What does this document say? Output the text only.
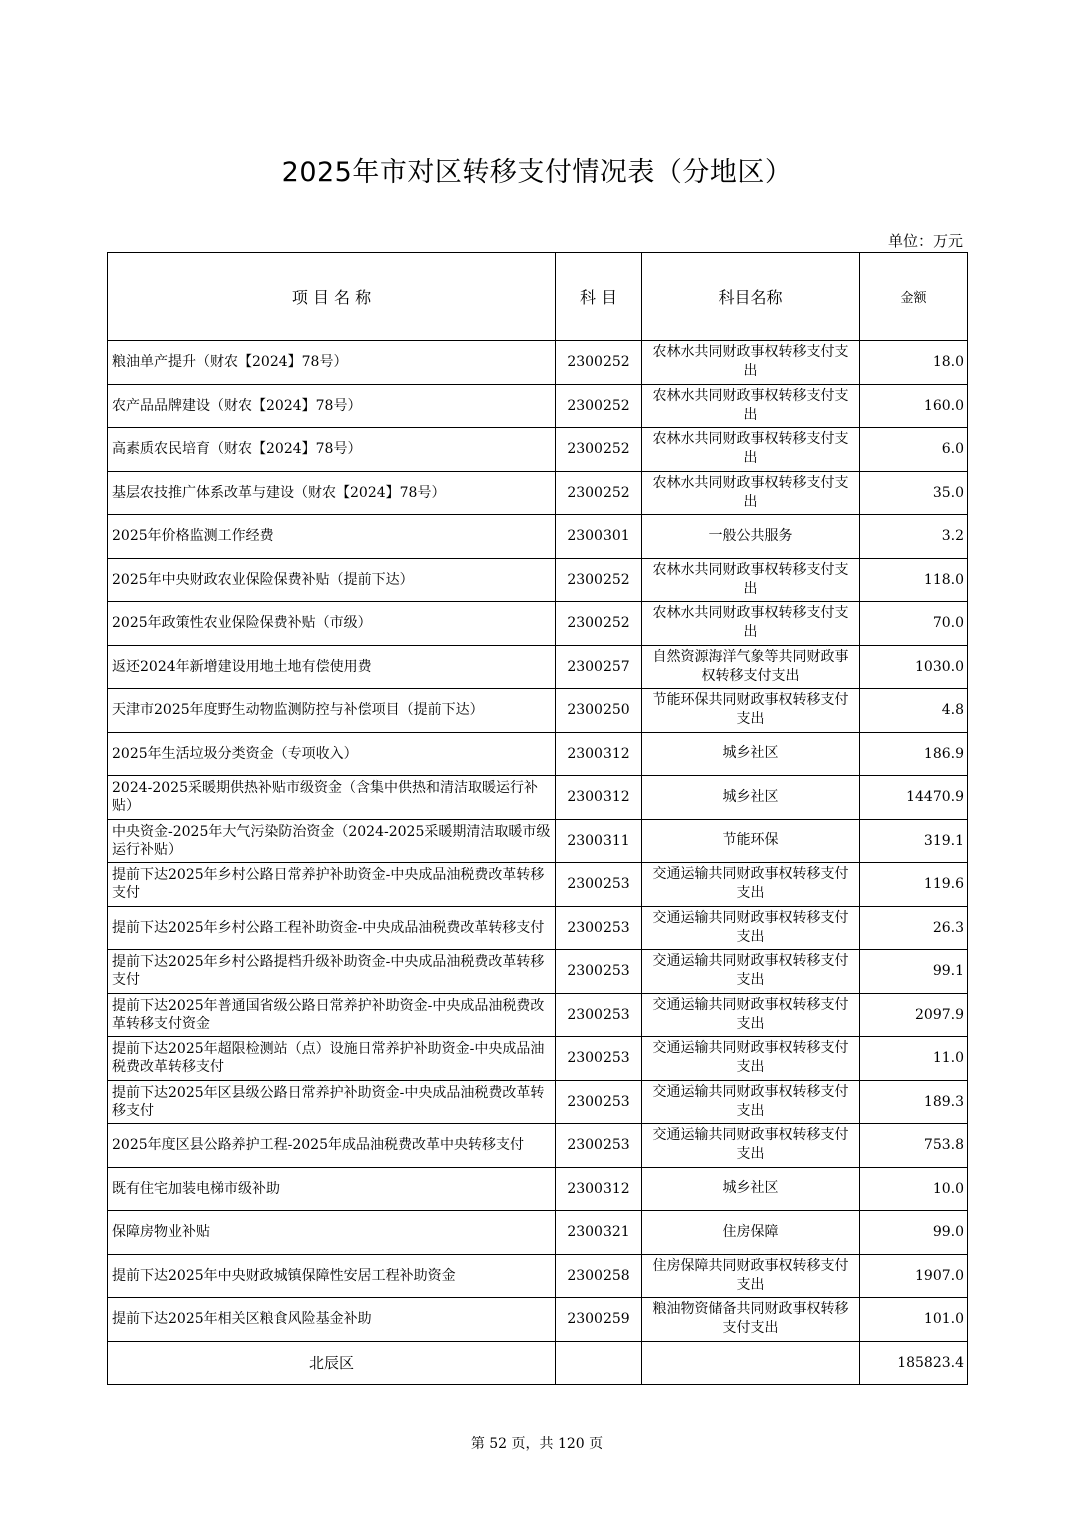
2025年市对区转移支付情况表（分地区）
单位：万元
项 目 名 称	科 目	科目名称	金额
粮油单产提升（财农【2024】78号）	2300252	农林水共同财政事权转移支付支出	18.0
农产品品牌建设（财农【2024】78号）	2300252	农林水共同财政事权转移支付支出	160.0
高素质农民培育（财农【2024】78号）	2300252	农林水共同财政事权转移支付支出	6.0
基层农技推广体系改革与建设（财农【2024】78号）	2300252	农林水共同财政事权转移支付支出	35.0
2025年价格监测工作经费	2300301	一般公共服务	3.2
2025年中央财政农业保险保费补贴（提前下达）	2300252	农林水共同财政事权转移支付支出	118.0
2025年政策性农业保险保费补贴（市级）	2300252	农林水共同财政事权转移支付支出	70.0
返还2024年新增建设用地土地有偿使用费	2300257	自然资源海洋气象等共同财政事权转移支付支出	1030.0
天津市2025年度野生动物监测防控与补偿项目（提前下达）	2300250	节能环保共同财政事权转移支付支出	4.8
2025年生活垃圾分类资金（专项收入）	2300312	城乡社区	186.9
2024-2025采暖期供热补贴市级资金（含集中供热和清洁取暖运行补贴）	2300312	城乡社区	14470.9
中央资金-2025年大气污染防治资金（2024-2025采暖期清洁取暖市级运行补贴）	2300311	节能环保	319.1
提前下达2025年乡村公路日常养护补助资金-中央成品油税费改革转移支付	2300253	交通运输共同财政事权转移支付支出	119.6
提前下达2025年乡村公路工程补助资金-中央成品油税费改革转移支付	2300253	交通运输共同财政事权转移支付支出	26.3
提前下达2025年乡村公路提档升级补助资金-中央成品油税费改革转移支付	2300253	交通运输共同财政事权转移支付支出	99.1
提前下达2025年普通国省级公路日常养护补助资金-中央成品油税费改革转移支付资金	2300253	交通运输共同财政事权转移支付支出	2097.9
提前下达2025年超限检测站（点）设施日常养护补助资金-中央成品油税费改革转移支付	2300253	交通运输共同财政事权转移支付支出	11.0
提前下达2025年区县级公路日常养护补助资金-中央成品油税费改革转移支付	2300253	交通运输共同财政事权转移支付支出	189.3
2025年度区县公路养护工程-2025年成品油税费改革中央转移支付	2300253	交通运输共同财政事权转移支付支出	753.8
既有住宅加装电梯市级补助	2300312	城乡社区	10.0
保障房物业补贴	2300321	住房保障	99.0
提前下达2025年中央财政城镇保障性安居工程补助资金	2300258	住房保障共同财政事权转移支付支出	1907.0
提前下达2025年相关区粮食风险基金补助	2300259	粮油物资储备共同财政事权转移支付支出	101.0
北辰区			185823.4
第 52 页，共 120 页
